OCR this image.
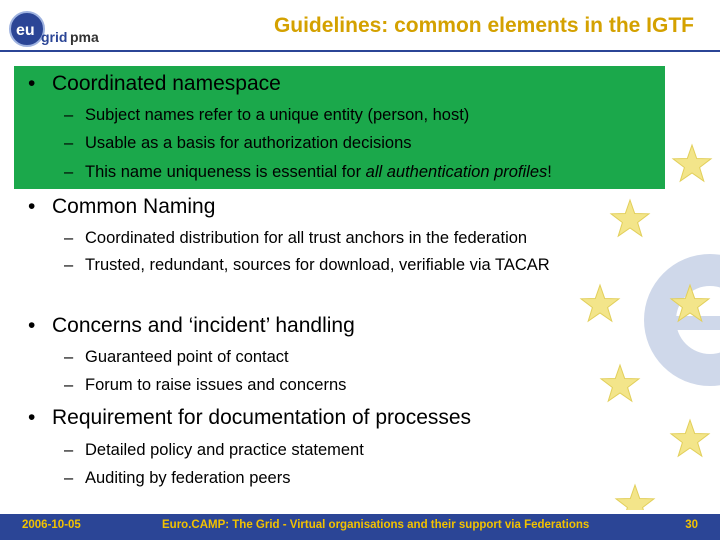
eu grid pma	Guidelines: common elements in the IGTF
• Coordinated namespace
– Subject names refer to a unique entity (person, host)
– Usable as a basis for authorization decisions
– This name uniqueness is essential for all authentication profiles!
• Common Naming
– Coordinated distribution for all trust anchors in the federation
– Trusted, redundant, sources for download, verifiable via TACAR
• Concerns and ‘incident’ handling
– Guaranteed point of contact
– Forum to raise issues and concerns
• Requirement for documentation of processes
– Detailed policy and practice statement
– Auditing by federation peers
2006-10-05	Euro.CAMP: The Grid - Virtual organisations and their support via Federations	30
